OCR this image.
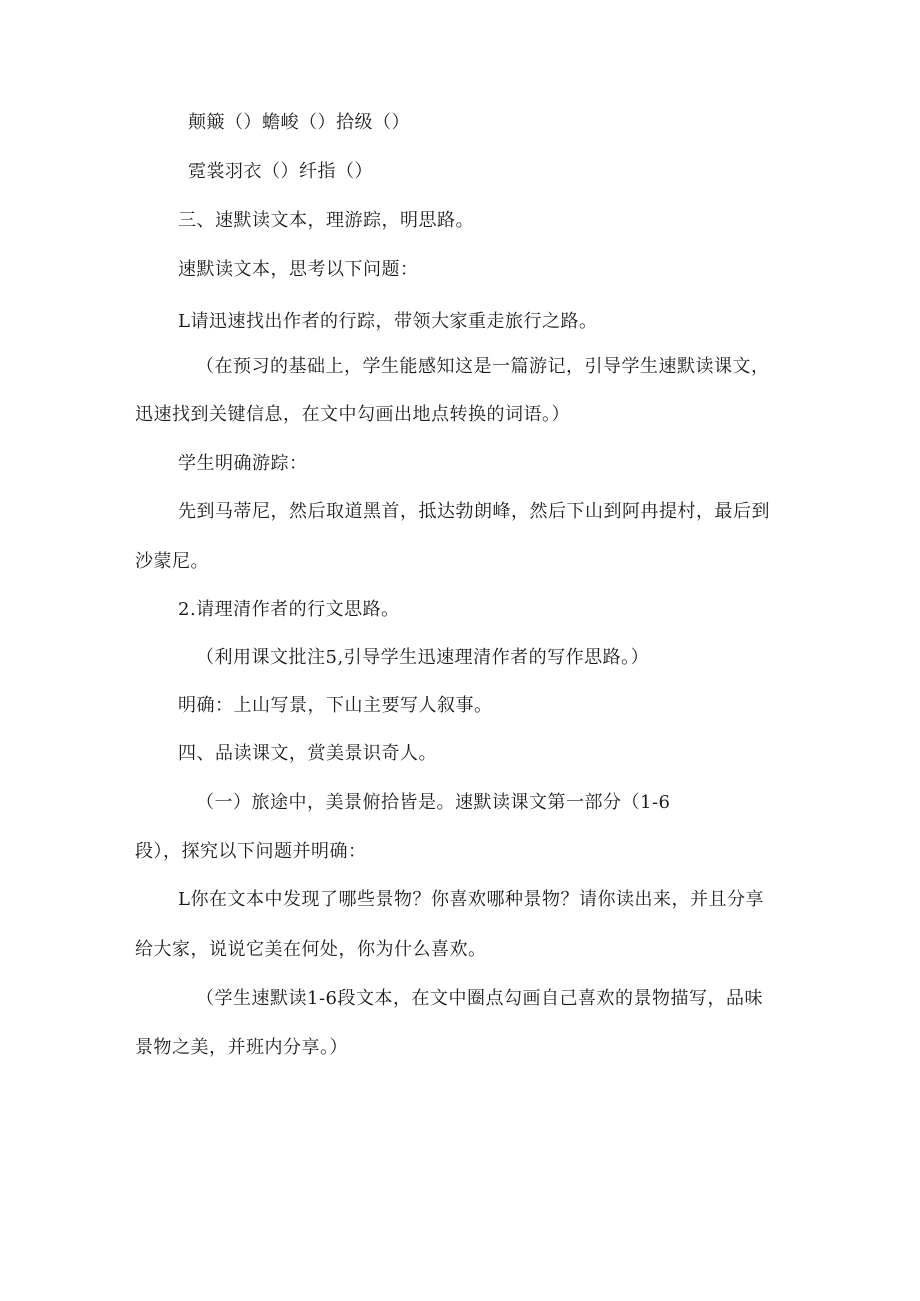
颠簸（）蟾峻（）拾级（）
霓裳羽衣（）纤指（）
三、速默读文本，理游踪，明思路。
速默读文本，思考以下问题：
L请迅速找出作者的行踪，带领大家重走旅行之路。
（在预习的基础上，学生能感知这是一篇游记，引导学生速默读课文，
迅速找到关键信息，在文中勾画出地点转换的词语。）
学生明确游踪：
先到马蒂尼，然后取道黑首，抵达勃朗峰，然后下山到阿冉提村，最后到
沙蒙尼。
2.请理清作者的行文思路。
（利用课文批注5,引导学生迅速理清作者的写作思路。）
明确：上山写景，下山主要写人叙事。
四、品读课文，赏美景识奇人。
（一）旅途中，美景俯拾皆是。速默读课文第一部分（1-6
段），探究以下问题并明确：
L你在文本中发现了哪些景物？你喜欢哪种景物？请你读出来，并且分享
给大家，说说它美在何处，你为什么喜欢。
（学生速默读1-6段文本，在文中圈点勾画自己喜欢的景物描写，品味
景物之美，并班内分享。）
